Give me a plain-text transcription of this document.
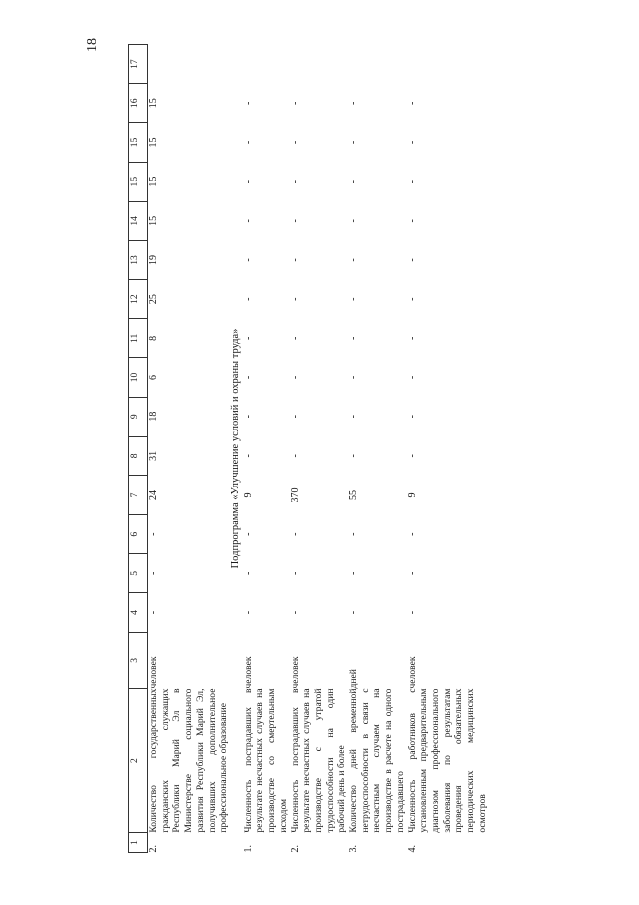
18
1	2	3	4	5	6	7	8	9	10	11	12	13	14	15	15	16	17
2.	Количество государственных гражданских служащих Республики Марий Эл в Министерстве социального развития Республики Марий Эл, получивших дополнительное профессиональное образование	человек	-	-	-	24	31	18	6	8	25	19	15	15	15	15	
Подпрограмма «Улучшение условий и охраны труда»																	
1.	Численность пострадавших в результате несчастных случаев на производстве со смертельным исходом	человек	-	-	-	9	-	-	-	-	-	-	-	-	-	-	
2.	Численность пострадавших в результате несчастных случаев на производстве с утратой трудоспособности на один рабочий день и более	человек	-	-	-	370	-	-	-	-	-	-	-	-	-	-	
3.	Количество дней временной нетрудоспособности в связи с несчастным случаем на производстве в расчете на одного пострадавшего	дней	-	-	-	55	-	-	-	-	-	-	-	-	-	-	
4.	Численность работников с установленным предварительным диагнозом профессионального заболевания по результатам проведения обязательных периодических медицинских осмотров	человек	-	-	-	9	-	-	-	-	-	-	-	-	-	-	
